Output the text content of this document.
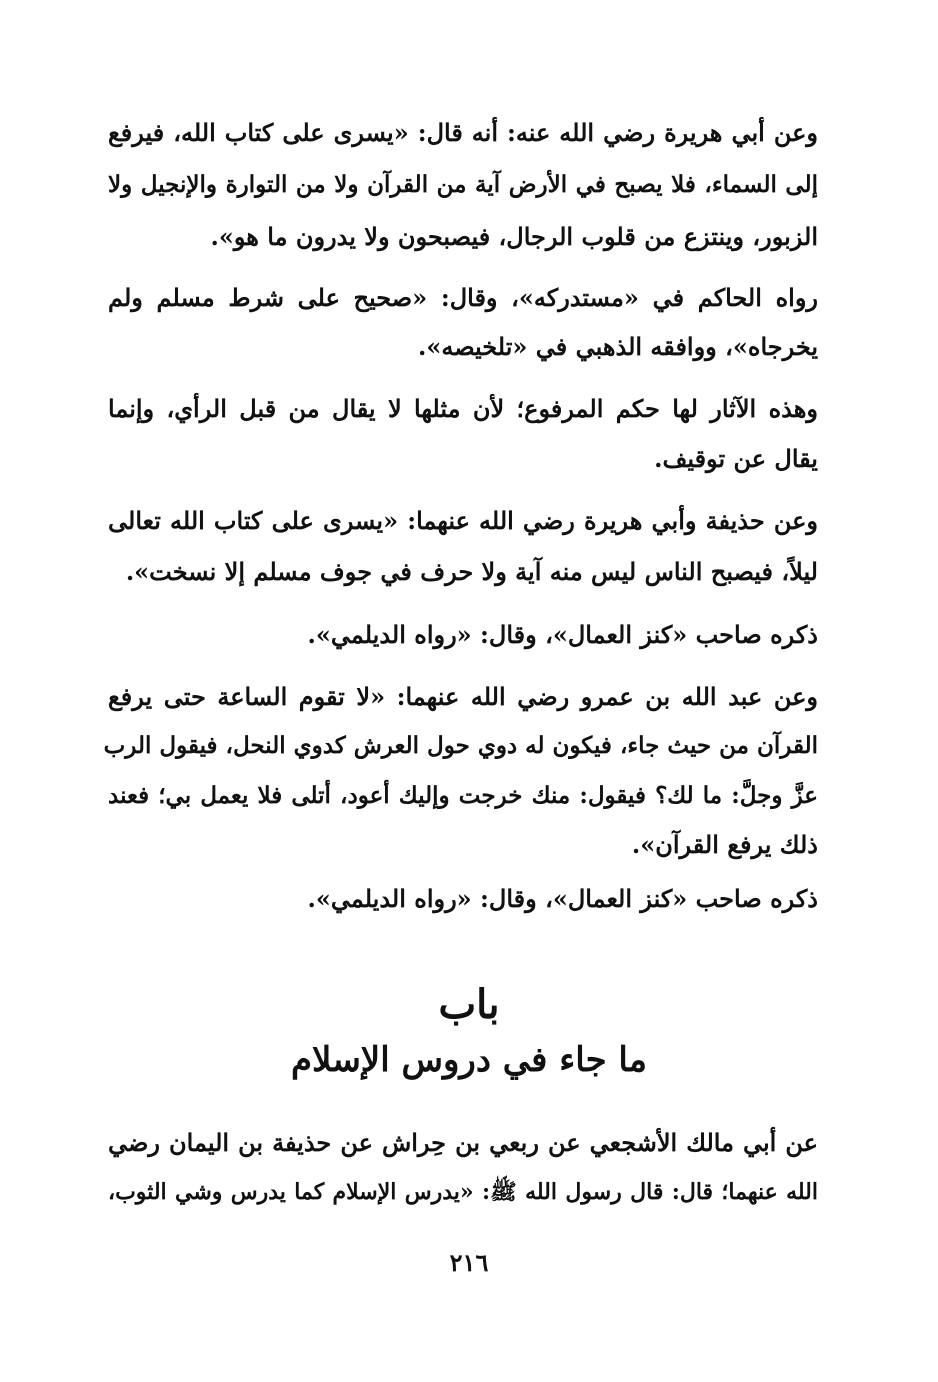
وعن أبي هريرة رضي الله عنه: أنه قال: «يسرى على كتاب الله، فيرفع
إلى السماء، فلا يصبح في الأرض آية من القرآن ولا من التوارة والإنجيل ولا
الزبور، وينتزع من قلوب الرجال، فيصبحون ولا يدرون ما هو».
رواه الحاكم في «مستدركه»، وقال: «صحيح على شرط مسلم ولم
يخرجاه»، ووافقه الذهبي في «تلخيصه».
وهذه الآثار لها حكم المرفوع؛ لأن مثلها لا يقال من قبل الرأي، وإنما
يقال عن توقيف.
وعن حذيفة وأبي هريرة رضي الله عنهما: «يسرى على كتاب الله تعالى
ليلاً، فيصبح الناس ليس منه آية ولا حرف في جوف مسلم إلا نسخت».
ذكره صاحب «كنز العمال»، وقال: «رواه الديلمي».
وعن عبد الله بن عمرو رضي الله عنهما: «لا تقوم الساعة حتى يرفع
القرآن من حيث جاء، فيكون له دوي حول العرش كدوي النحل، فيقول الرب
عزَّ وجلَّ: ما لك؟ فيقول: منك خرجت وإليك أعود، أتلى فلا يعمل بي؛ فعند
ذلك يرفع القرآن».
ذكره صاحب «كنز العمال»، وقال: «رواه الديلمي».
باب
ما جاء في دروس الإسلام
عن أبي مالك الأشجعي عن ربعي بن حِراش عن حذيفة بن اليمان رضي
الله عنهما؛ قال: قال رسول الله ﷺ: «يدرس الإسلام كما يدرس وشي الثوب،
٢١٦
